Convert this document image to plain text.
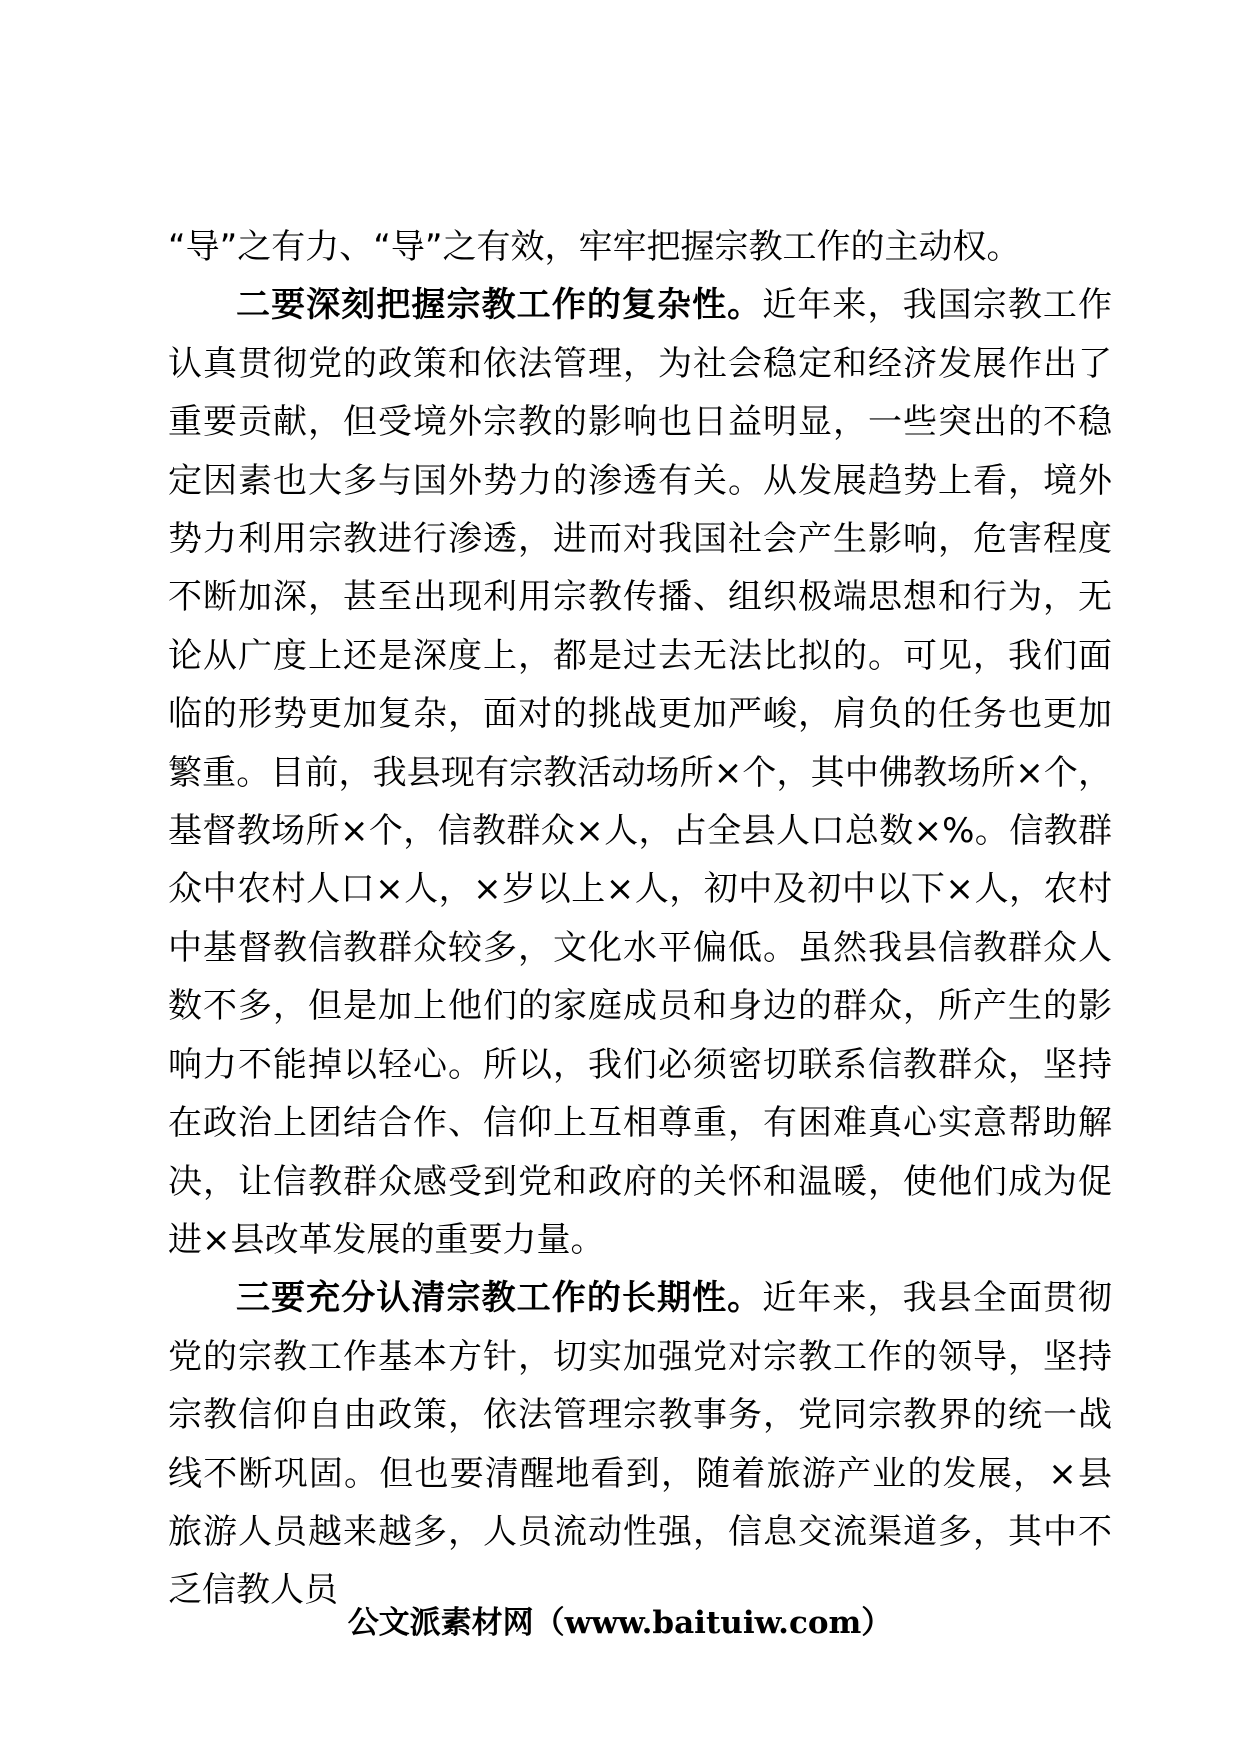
“导”之有力、“导”之有效，牢牢把握宗教工作的主动权。

二要深刻把握宗教工作的复杂性。近年来，我国宗教工作认真贯彻党的政策和依法管理，为社会稳定和经济发展作出了重要贡献，但受境外宗教的影响也日益明显，一些突出的不稳定因素也大多与国外势力的渗透有关。从发展趋势上看，境外势力利用宗教进行渗透，进而对我国社会产生影响，危害程度不断加深，甚至出现利用宗教传播、组织极端思想和行为，无论从广度上还是深度上，都是过去无法比拟的。可见，我们面临的形势更加复杂，面对的挑战更加严峻，肩负的任务也更加繁重。目前，我县现有宗教活动场所×个，其中佛教场所×个，基督教场所×个，信教群众×人，占全县人口总数×%。信教群众中农村人口×人，×岁以上×人，初中及初中以下×人，农村中基督教信教群众较多，文化水平偏低。虽然我县信教群众人数不多，但是加上他们的家庭成员和身边的群众，所产生的影响力不能掉以轻心。所以，我们必须密切联系信教群众，坚持在政治上团结合作、信仰上互相尊重，有困难真心实意帮助解决，让信教群众感受到党和政府的关怀和温暖，使他们成为促进×县改革发展的重要力量。

三要充分认清宗教工作的长期性。近年来，我县全面贯彻党的宗教工作基本方针，切实加强党对宗教工作的领导，坚持宗教信仰自由政策，依法管理宗教事务，党同宗教界的统一战线不断巩固。但也要清醒地看到，随着旅游产业的发展，×县旅游人员越来越多，人员流动性强，信息交流渠道多，其中不乏信教人员

公文派素材网（www.baituiw.com）
